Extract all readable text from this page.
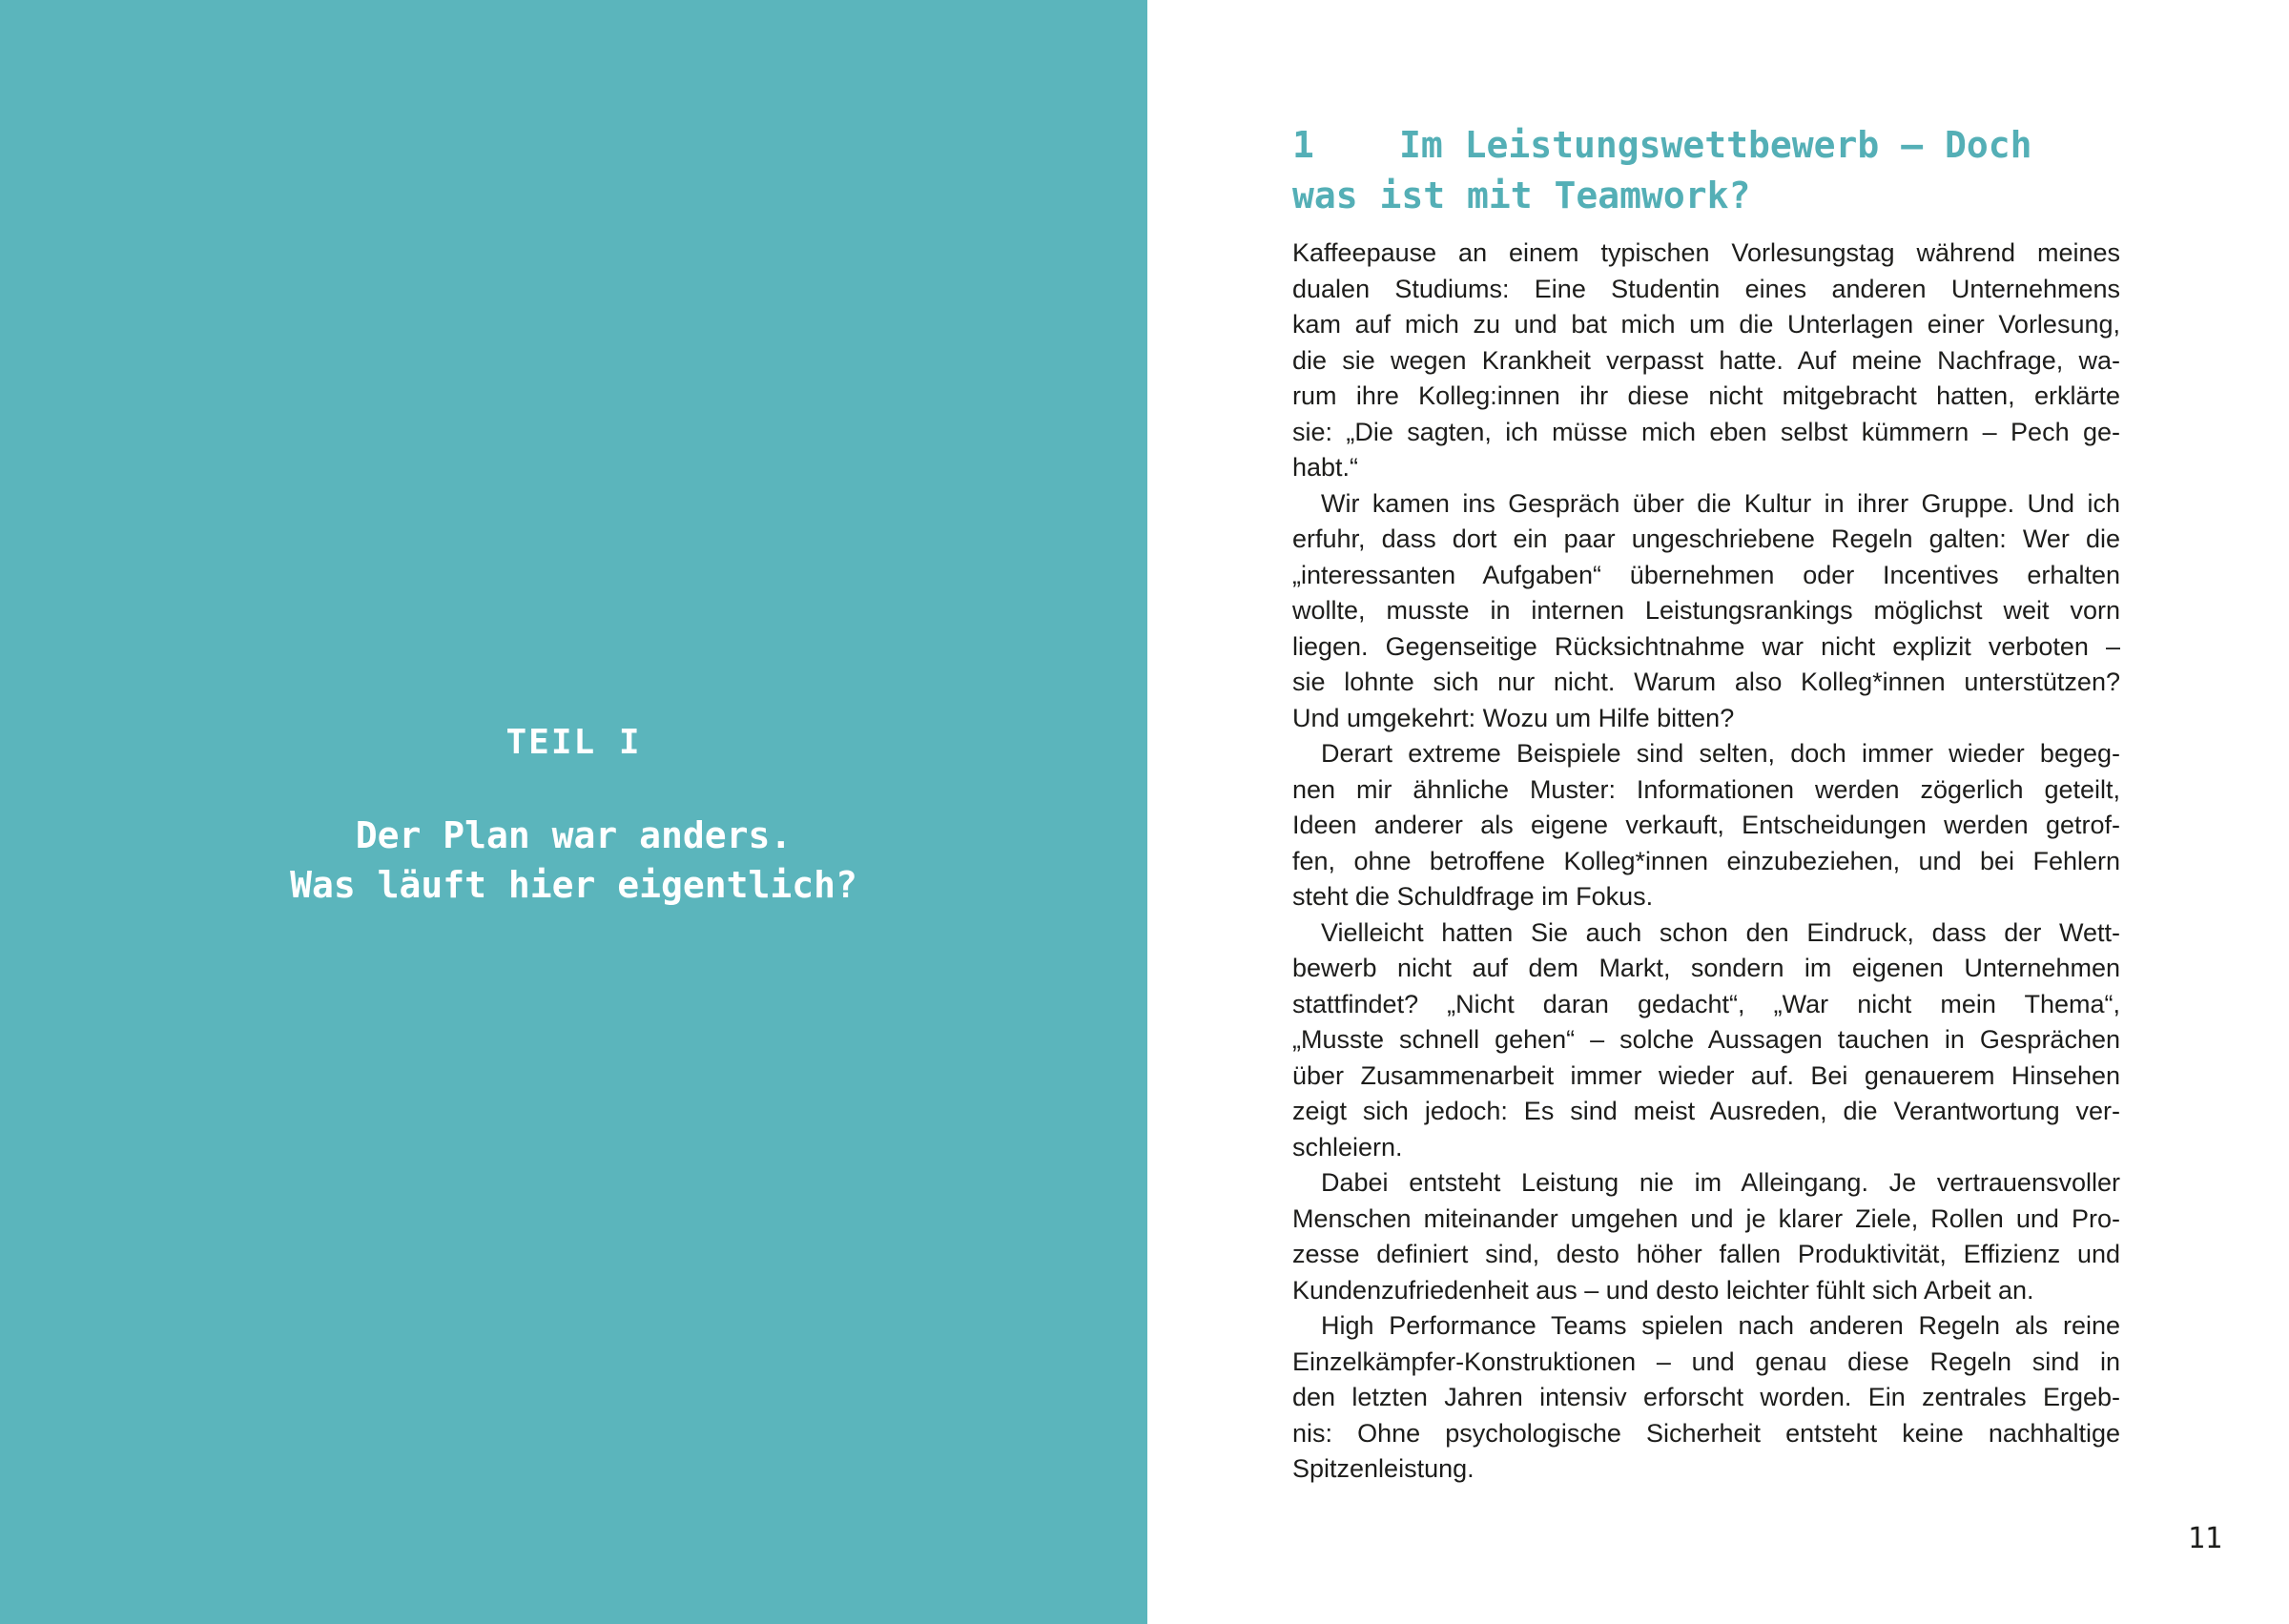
TEIL I
Der Plan war anders.
Was läuft hier eigentlich?
1	Im Leistungswettbewerb – Doch
was ist mit Teamwork?
Kaffeepause an einem typischen Vorlesungstag während meines
dualen Studiums: Eine Studentin eines anderen Unternehmens
kam auf mich zu und bat mich um die Unterlagen einer Vorlesung,
die sie wegen Krankheit verpasst hatte. Auf meine Nachfrage, wa-
rum ihre Kolleg:innen ihr diese nicht mitgebracht hatten, erklärte
sie: „Die sagten, ich müsse mich eben selbst kümmern – Pech ge-
habt.“
Wir kamen ins Gespräch über die Kultur in ihrer Gruppe. Und ich
erfuhr, dass dort ein paar ungeschriebene Regeln galten: Wer die
„interessanten Aufgaben“ übernehmen oder Incentives erhalten
wollte, musste in internen Leistungsrankings möglichst weit vorn
liegen. Gegenseitige Rücksichtnahme war nicht explizit verboten –
sie lohnte sich nur nicht. Warum also Kolleg*innen unterstützen?
Und umgekehrt: Wozu um Hilfe bitten?
Derart extreme Beispiele sind selten, doch immer wieder begeg-
nen mir ähnliche Muster: Informationen werden zögerlich geteilt,
Ideen anderer als eigene verkauft, Entscheidungen werden getrof-
fen, ohne betroffene Kolleg*innen einzubeziehen, und bei Fehlern
steht die Schuldfrage im Fokus.
Vielleicht hatten Sie auch schon den Eindruck, dass der Wett-
bewerb nicht auf dem Markt, sondern im eigenen Unternehmen
stattfindet? „Nicht daran gedacht“, „War nicht mein Thema“,
„Musste schnell gehen“ – solche Aussagen tauchen in Gesprächen
über Zusammenarbeit immer wieder auf. Bei genauerem Hinsehen
zeigt sich jedoch: Es sind meist Ausreden, die Verantwortung ver-
schleiern.
Dabei entsteht Leistung nie im Alleingang. Je vertrauensvoller
Menschen miteinander umgehen und je klarer Ziele, Rollen und Pro-
zesse definiert sind, desto höher fallen Produktivität, Effizienz und
Kundenzufriedenheit aus – und desto leichter fühlt sich Arbeit an.
High Performance Teams spielen nach anderen Regeln als reine
Einzelkämpfer-Konstruktionen – und genau diese Regeln sind in
den letzten Jahren intensiv erforscht worden. Ein zentrales Ergeb-
nis: Ohne psychologische Sicherheit entsteht keine nachhaltige
Spitzenleistung.
11
